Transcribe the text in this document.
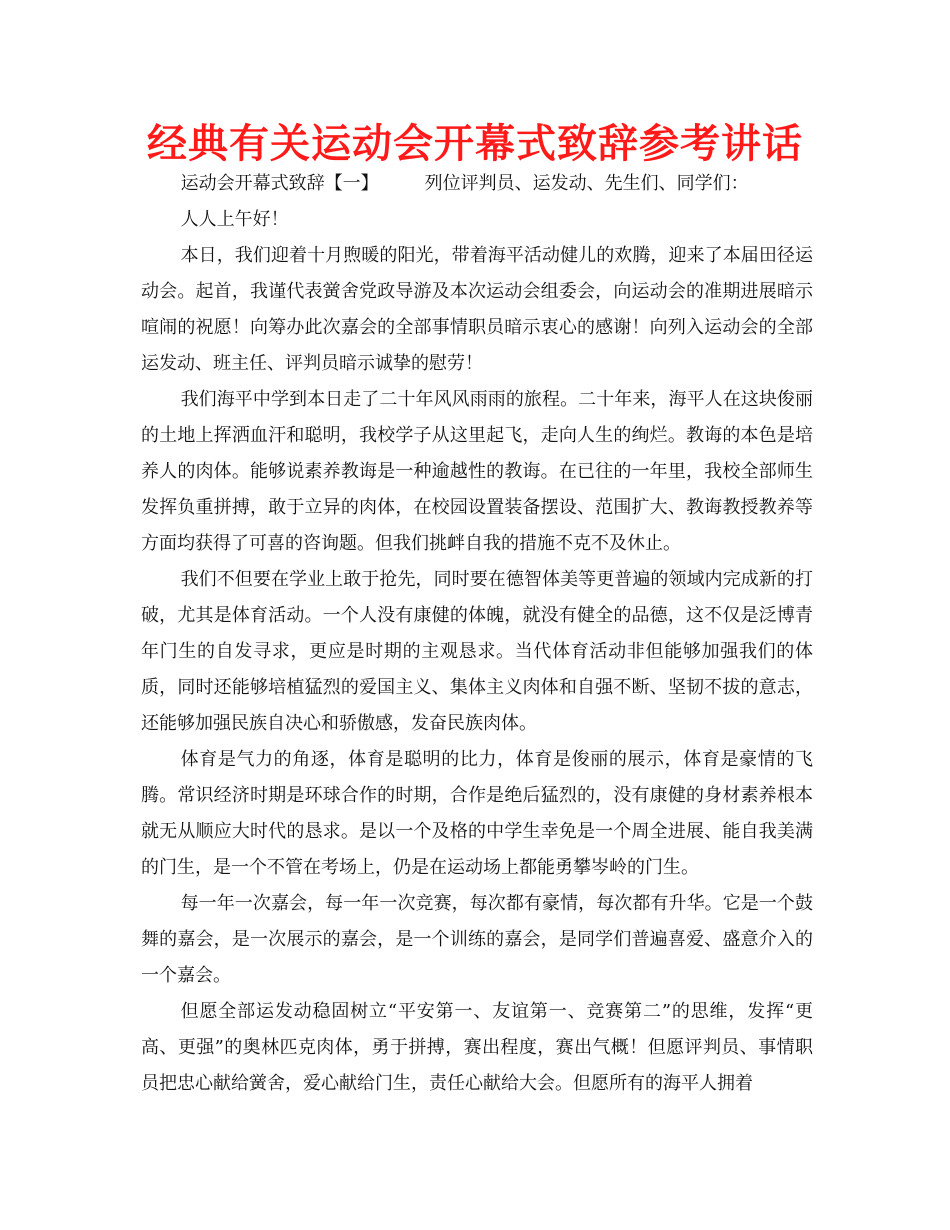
经典有关运动会开幕式致辞参考讲话

运动会开幕式致辞【一】	列位评判员、运发动、先生们、同学们：

人人上午好！

本日，我们迎着十月煦暖的阳光，带着海平活动健儿的欢腾，迎来了本届田径运动会。起首，我谨代表黉舍党政导游及本次运动会组委会，向运动会的准期进展暗示喧闹的祝愿！向筹办此次嘉会的全部事情职员暗示衷心的感谢！向列入运动会的全部运发动、班主任、评判员暗示诚挚的慰劳！

我们海平中学到本日走了二十年风风雨雨的旅程。二十年来，海平人在这块俊丽的土地上挥洒血汗和聪明，我校学子从这里起飞，走向人生的绚烂。教诲的本色是培养人的肉体。能够说素养教诲是一种逾越性的教诲。在已往的一年里，我校全部师生发挥负重拼搏，敢于立异的肉体，在校园设置装备摆设、范围扩大、教诲教授教养等方面均获得了可喜的咨询题。但我们挑衅自我的措施不克不及休止。

我们不但要在学业上敢于抢先，同时要在德智体美等更普遍的领域内完成新的打破，尤其是体育活动。一个人没有康健的体魄，就没有健全的品德，这不仅是泛博青年门生的自发寻求，更应是时期的主观恳求。当代体育活动非但能够加强我们的体质，同时还能够培植猛烈的爱国主义、集体主义肉体和自强不断、坚韧不拔的意志，还能够加强民族自决心和骄傲感，发奋民族肉体。

体育是气力的角逐，体育是聪明的比力，体育是俊丽的展示，体育是豪情的飞腾。常识经济时期是环球合作的时期，合作是绝后猛烈的，没有康健的身材素养根本就无从顺应大时代的恳求。是以一个及格的中学生幸免是一个周全进展、能自我美满的门生，是一个不管在考场上，仍是在运动场上都能勇攀岑岭的门生。

每一年一次嘉会，每一年一次竞赛，每次都有豪情，每次都有升华。它是一个鼓舞的嘉会，是一次展示的嘉会，是一个训练的嘉会，是同学们普遍喜爱、盛意介入的一个嘉会。

但愿全部运发动稳固树立“平安第一、友谊第一、竞赛第二”的思维，发挥“更高、更强”的奥林匹克肉体，勇于拼搏，赛出程度，赛出气概！但愿评判员、事情职员把忠心献给黉舍，爱心献给门生，责任心献给大会。但愿所有的海平人拥着
